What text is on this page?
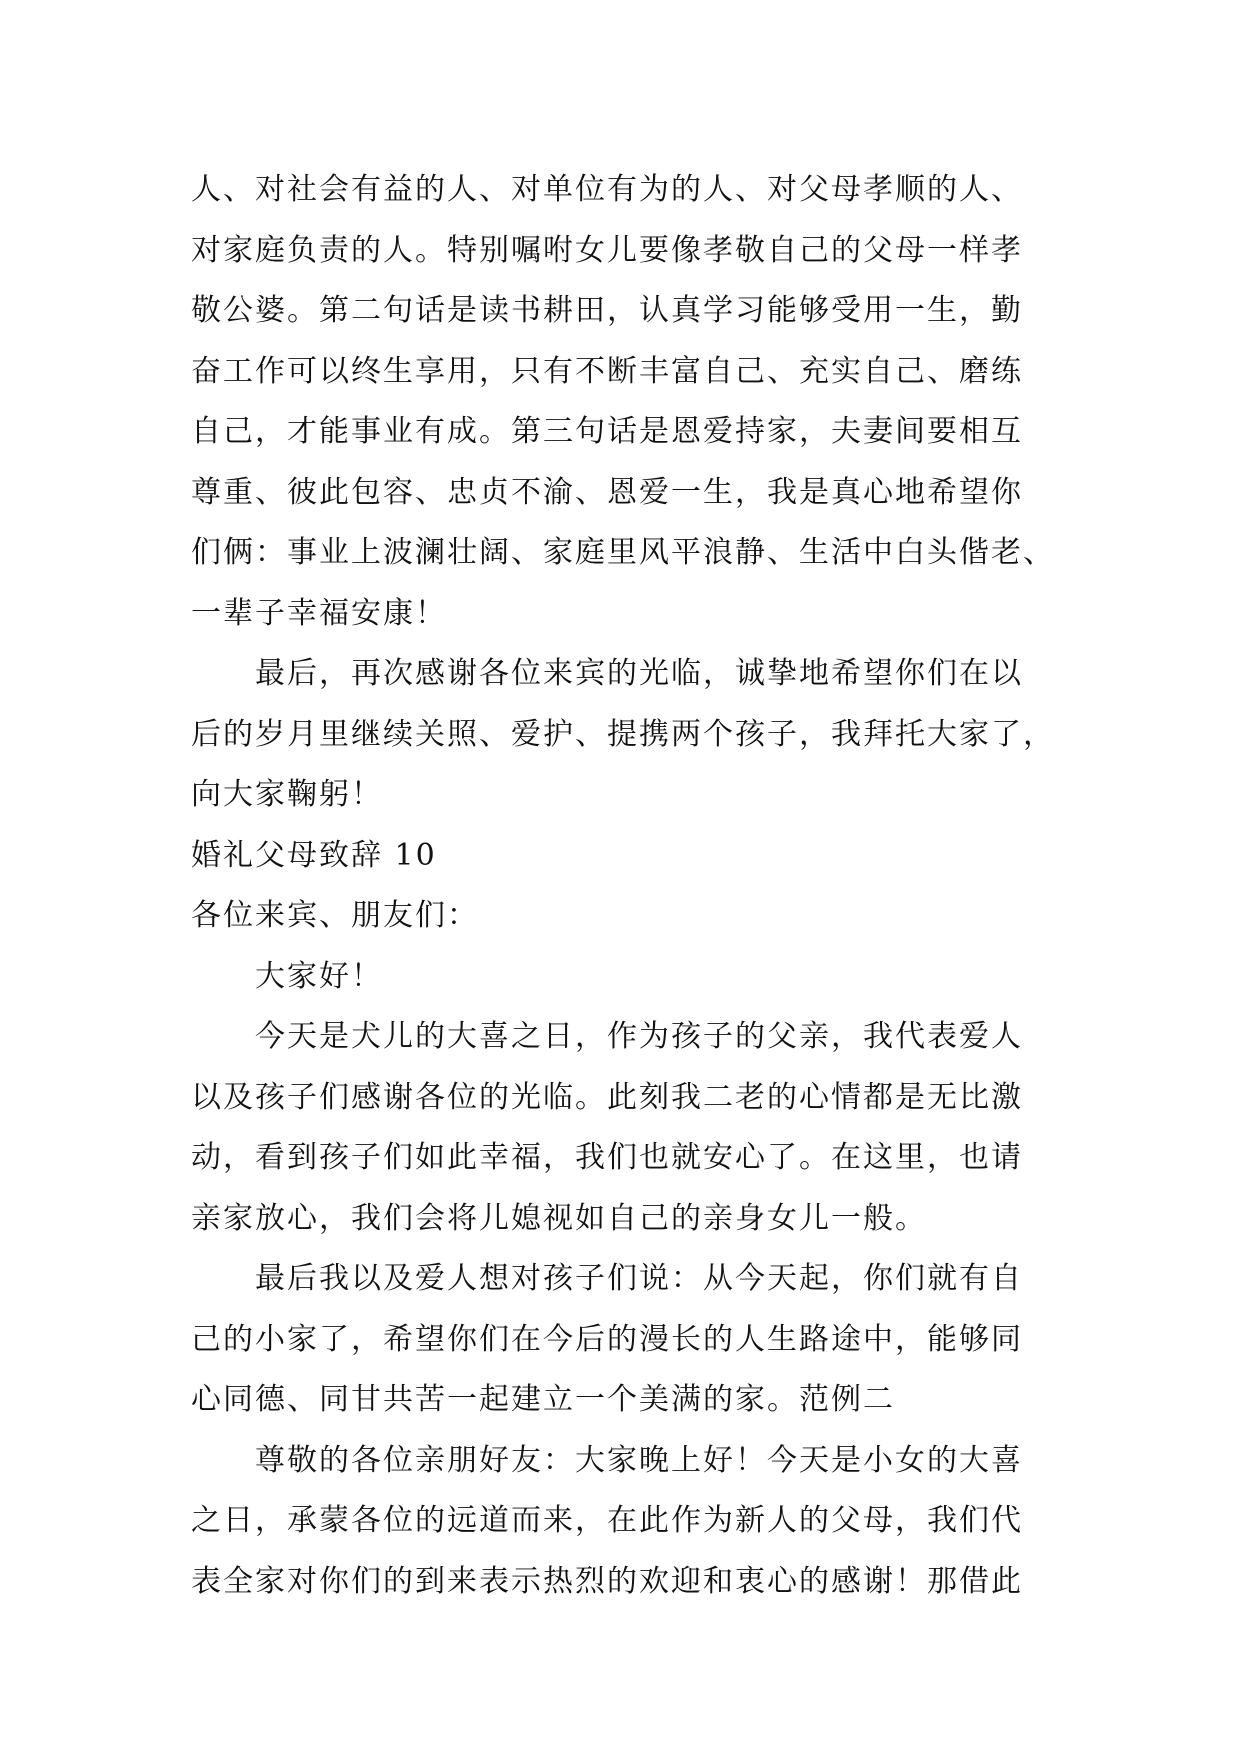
人、对社会有益的人、对单位有为的人、对父母孝顺的人、
对家庭负责的人。特别嘱咐女儿要像孝敬自己的父母一样孝
敬公婆。第二句话是读书耕田，认真学习能够受用一生，勤
奋工作可以终生享用，只有不断丰富自己、充实自己、磨练
自己，才能事业有成。第三句话是恩爱持家，夫妻间要相互
尊重、彼此包容、忠贞不渝、恩爱一生，我是真心地希望你
们俩：事业上波澜壮阔、家庭里风平浪静、生活中白头偕老、
一辈子幸福安康！
最后，再次感谢各位来宾的光临，诚挚地希望你们在以
后的岁月里继续关照、爱护、提携两个孩子，我拜托大家了，
向大家鞠躬！
婚礼父母致辞 10
各位来宾、朋友们：
大家好！
今天是犬儿的大喜之日，作为孩子的父亲，我代表爱人
以及孩子们感谢各位的光临。此刻我二老的心情都是无比激
动，看到孩子们如此幸福，我们也就安心了。在这里，也请
亲家放心，我们会将儿媳视如自己的亲身女儿一般。
最后我以及爱人想对孩子们说：从今天起，你们就有自
己的小家了，希望你们在今后的漫长的人生路途中，能够同
心同德、同甘共苦一起建立一个美满的家。范例二
尊敬的各位亲朋好友：大家晚上好！今天是小女的大喜
之日，承蒙各位的远道而来，在此作为新人的父母，我们代
表全家对你们的到来表示热烈的欢迎和衷心的感谢！那借此
